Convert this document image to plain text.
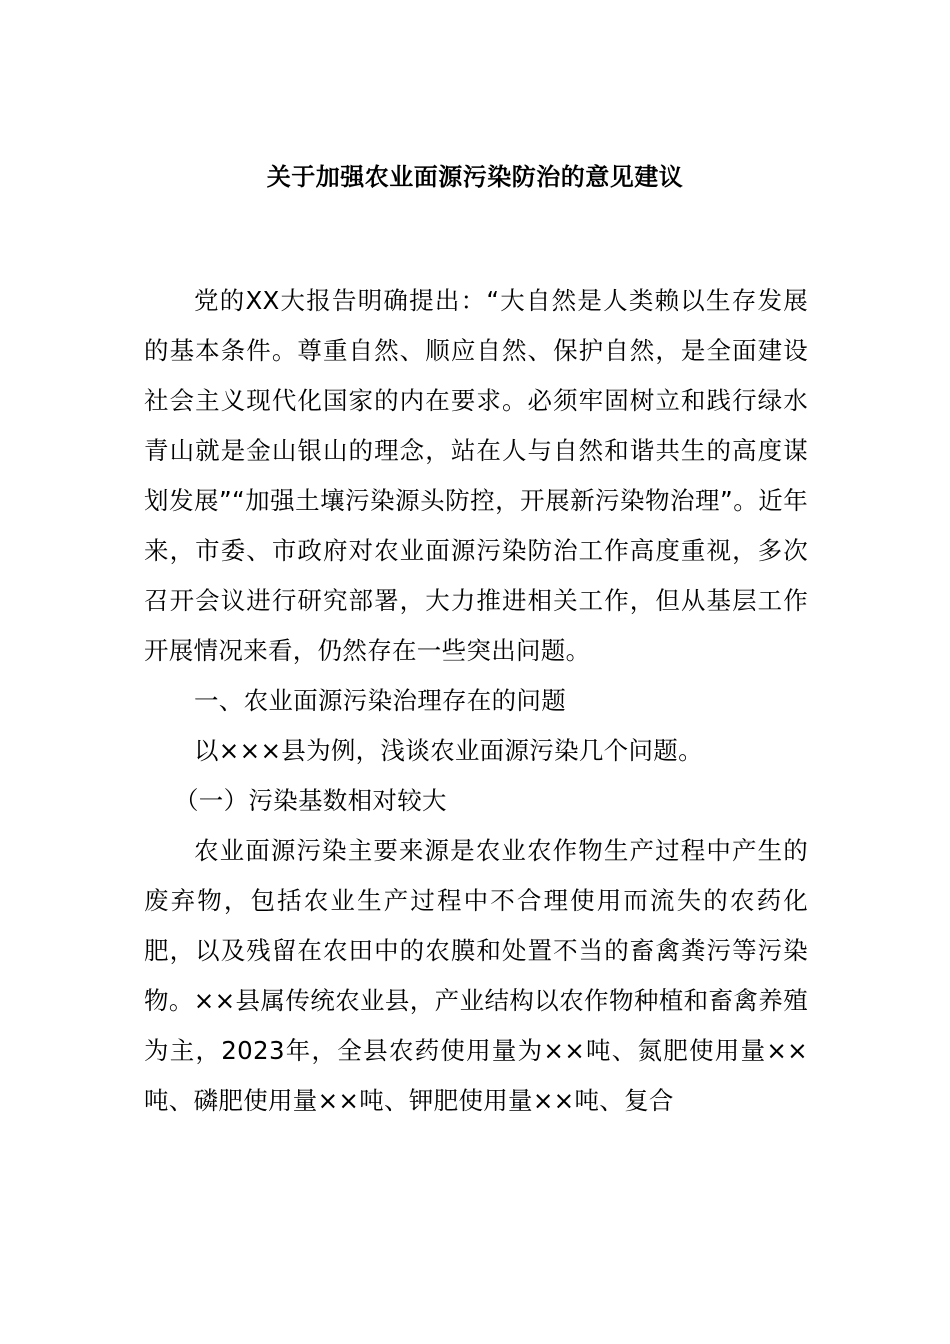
关于加强农业面源污染防治的意见建议

党的XX大报告明确提出：“大自然是人类赖以生存发展的基本条件。尊重自然、顺应自然、保护自然，是全面建设社会主义现代化国家的内在要求。必须牢固树立和践行绿水青山就是金山银山的理念，站在人与自然和谐共生的高度谋划发展”“加强土壤污染源头防控，开展新污染物治理”。近年来，市委、市政府对农业面源污染防治工作高度重视，多次召开会议进行研究部署，大力推进相关工作，但从基层工作开展情况来看，仍然存在一些突出问题。

一、农业面源污染治理存在的问题

以×××县为例，浅谈农业面源污染几个问题。

（一）污染基数相对较大

农业面源污染主要来源是农业农作物生产过程中产生的废弃物，包括农业生产过程中不合理使用而流失的农药化肥，以及残留在农田中的农膜和处置不当的畜禽粪污等污染物。××县属传统农业县，产业结构以农作物种植和畜禽养殖为主，2023年，全县农药使用量为××吨、氮肥使用量××吨、磷肥使用量××吨、钾肥使用量××吨、复合
